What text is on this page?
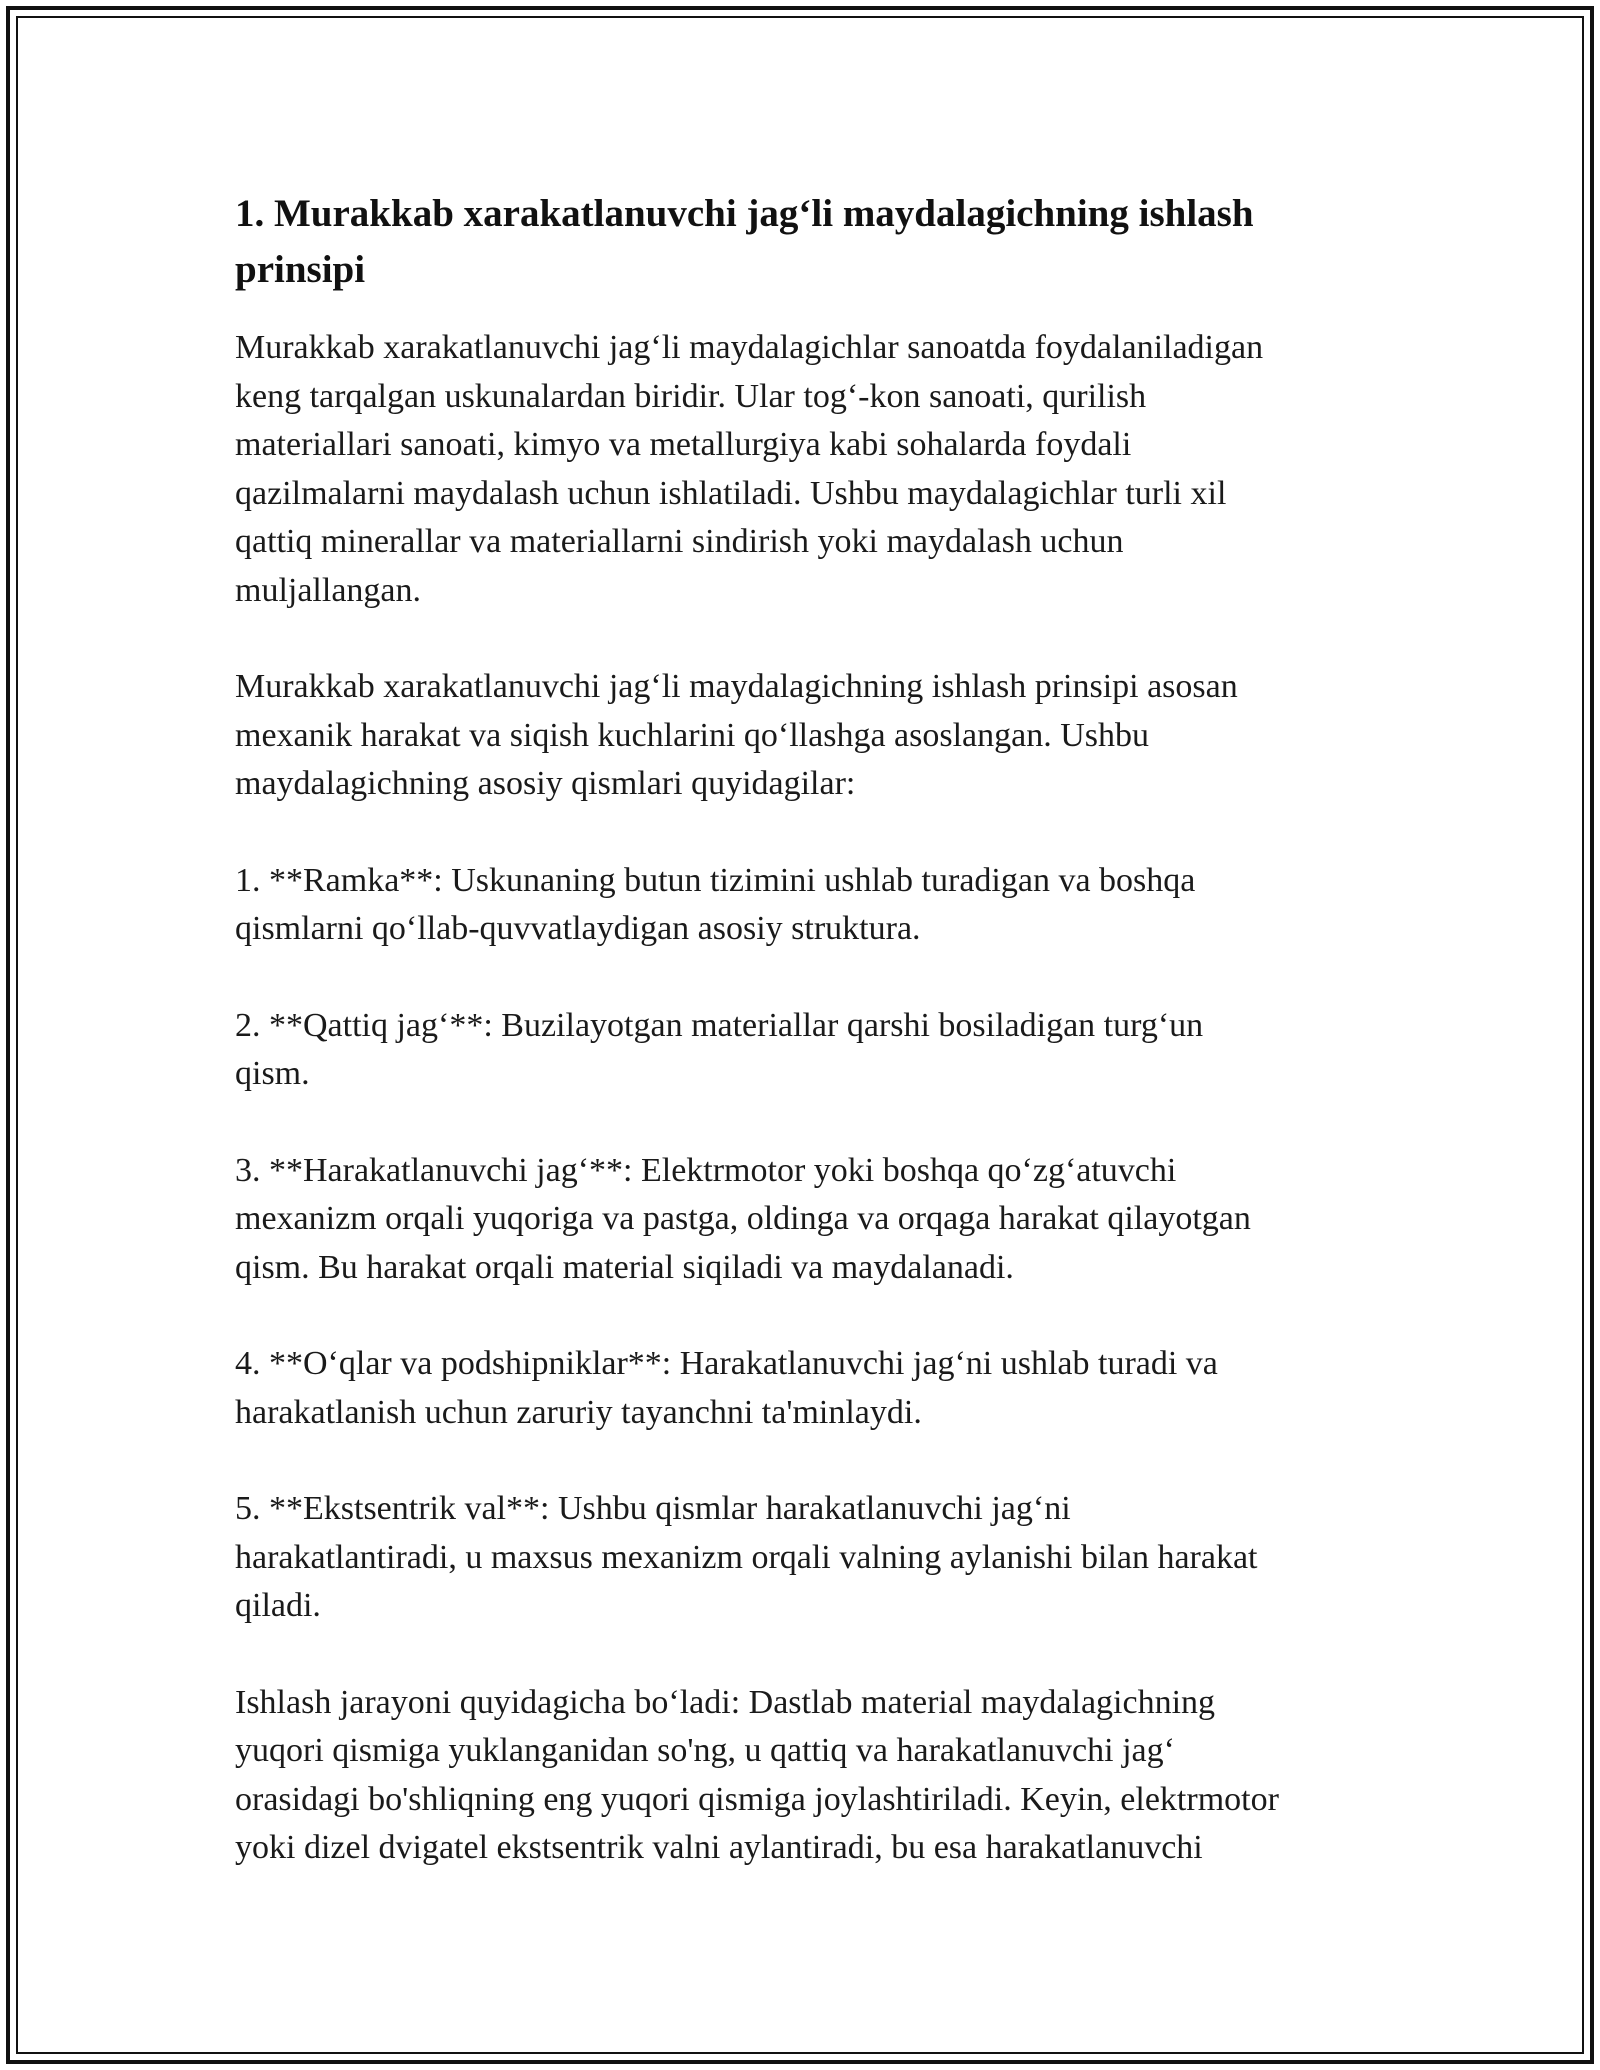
1. Murakkab xarakatlanuvchi jag‘li maydalagichning ishlash prinsipi

Murakkab xarakatlanuvchi jag‘li maydalagichlar sanoatda foydalaniladigan
keng tarqalgan uskunalardan biridir. Ular tog‘-kon sanoati, qurilish
materiallari sanoati, kimyo va metallurgiya kabi sohalarda foydali
qazilmalarni maydalash uchun ishlatiladi. Ushbu maydalagichlar turli xil
qattiq minerallar va materiallarni sindirish yoki maydalash uchun
muljallangan.

Murakkab xarakatlanuvchi jag‘li maydalagichning ishlash prinsipi asosan
mexanik harakat va siqish kuchlarini qo‘llashga asoslangan. Ushbu
maydalagichning asosiy qismlari quyidagilar:

1. **Ramka**: Uskunaning butun tizimini ushlab turadigan va boshqa
qismlarni qo‘llab-quvvatlaydigan asosiy struktura.

2. **Qattiq jag‘**: Buzilayotgan materiallar qarshi bosiladigan turg‘un
qism.

3. **Harakatlanuvchi jag‘**: Elektrmotor yoki boshqa qo‘zg‘atuvchi
mexanizm orqali yuqoriga va pastga, oldinga va orqaga harakat qilayotgan
qism. Bu harakat orqali material siqiladi va maydalanadi.

4. **O‘qlar va podshipniklar**: Harakatlanuvchi jag‘ni ushlab turadi va
harakatlanish uchun zaruriy tayanchni ta'minlaydi.

5. **Ekstsentrik val**: Ushbu qismlar harakatlanuvchi jag‘ni
harakatlantiradi, u maxsus mexanizm orqali valning aylanishi bilan harakat
qiladi.

Ishlash jarayoni quyidagicha bo‘ladi: Dastlab material maydalagichning
yuqori qismiga yuklanganidan so'ng, u qattiq va harakatlanuvchi jag‘
orasidagi bo'shliqning eng yuqori qismiga joylashtiriladi. Keyin, elektrmotor
yoki dizel dvigatel ekstsentrik valni aylantiradi, bu esa harakatlanuvchi
